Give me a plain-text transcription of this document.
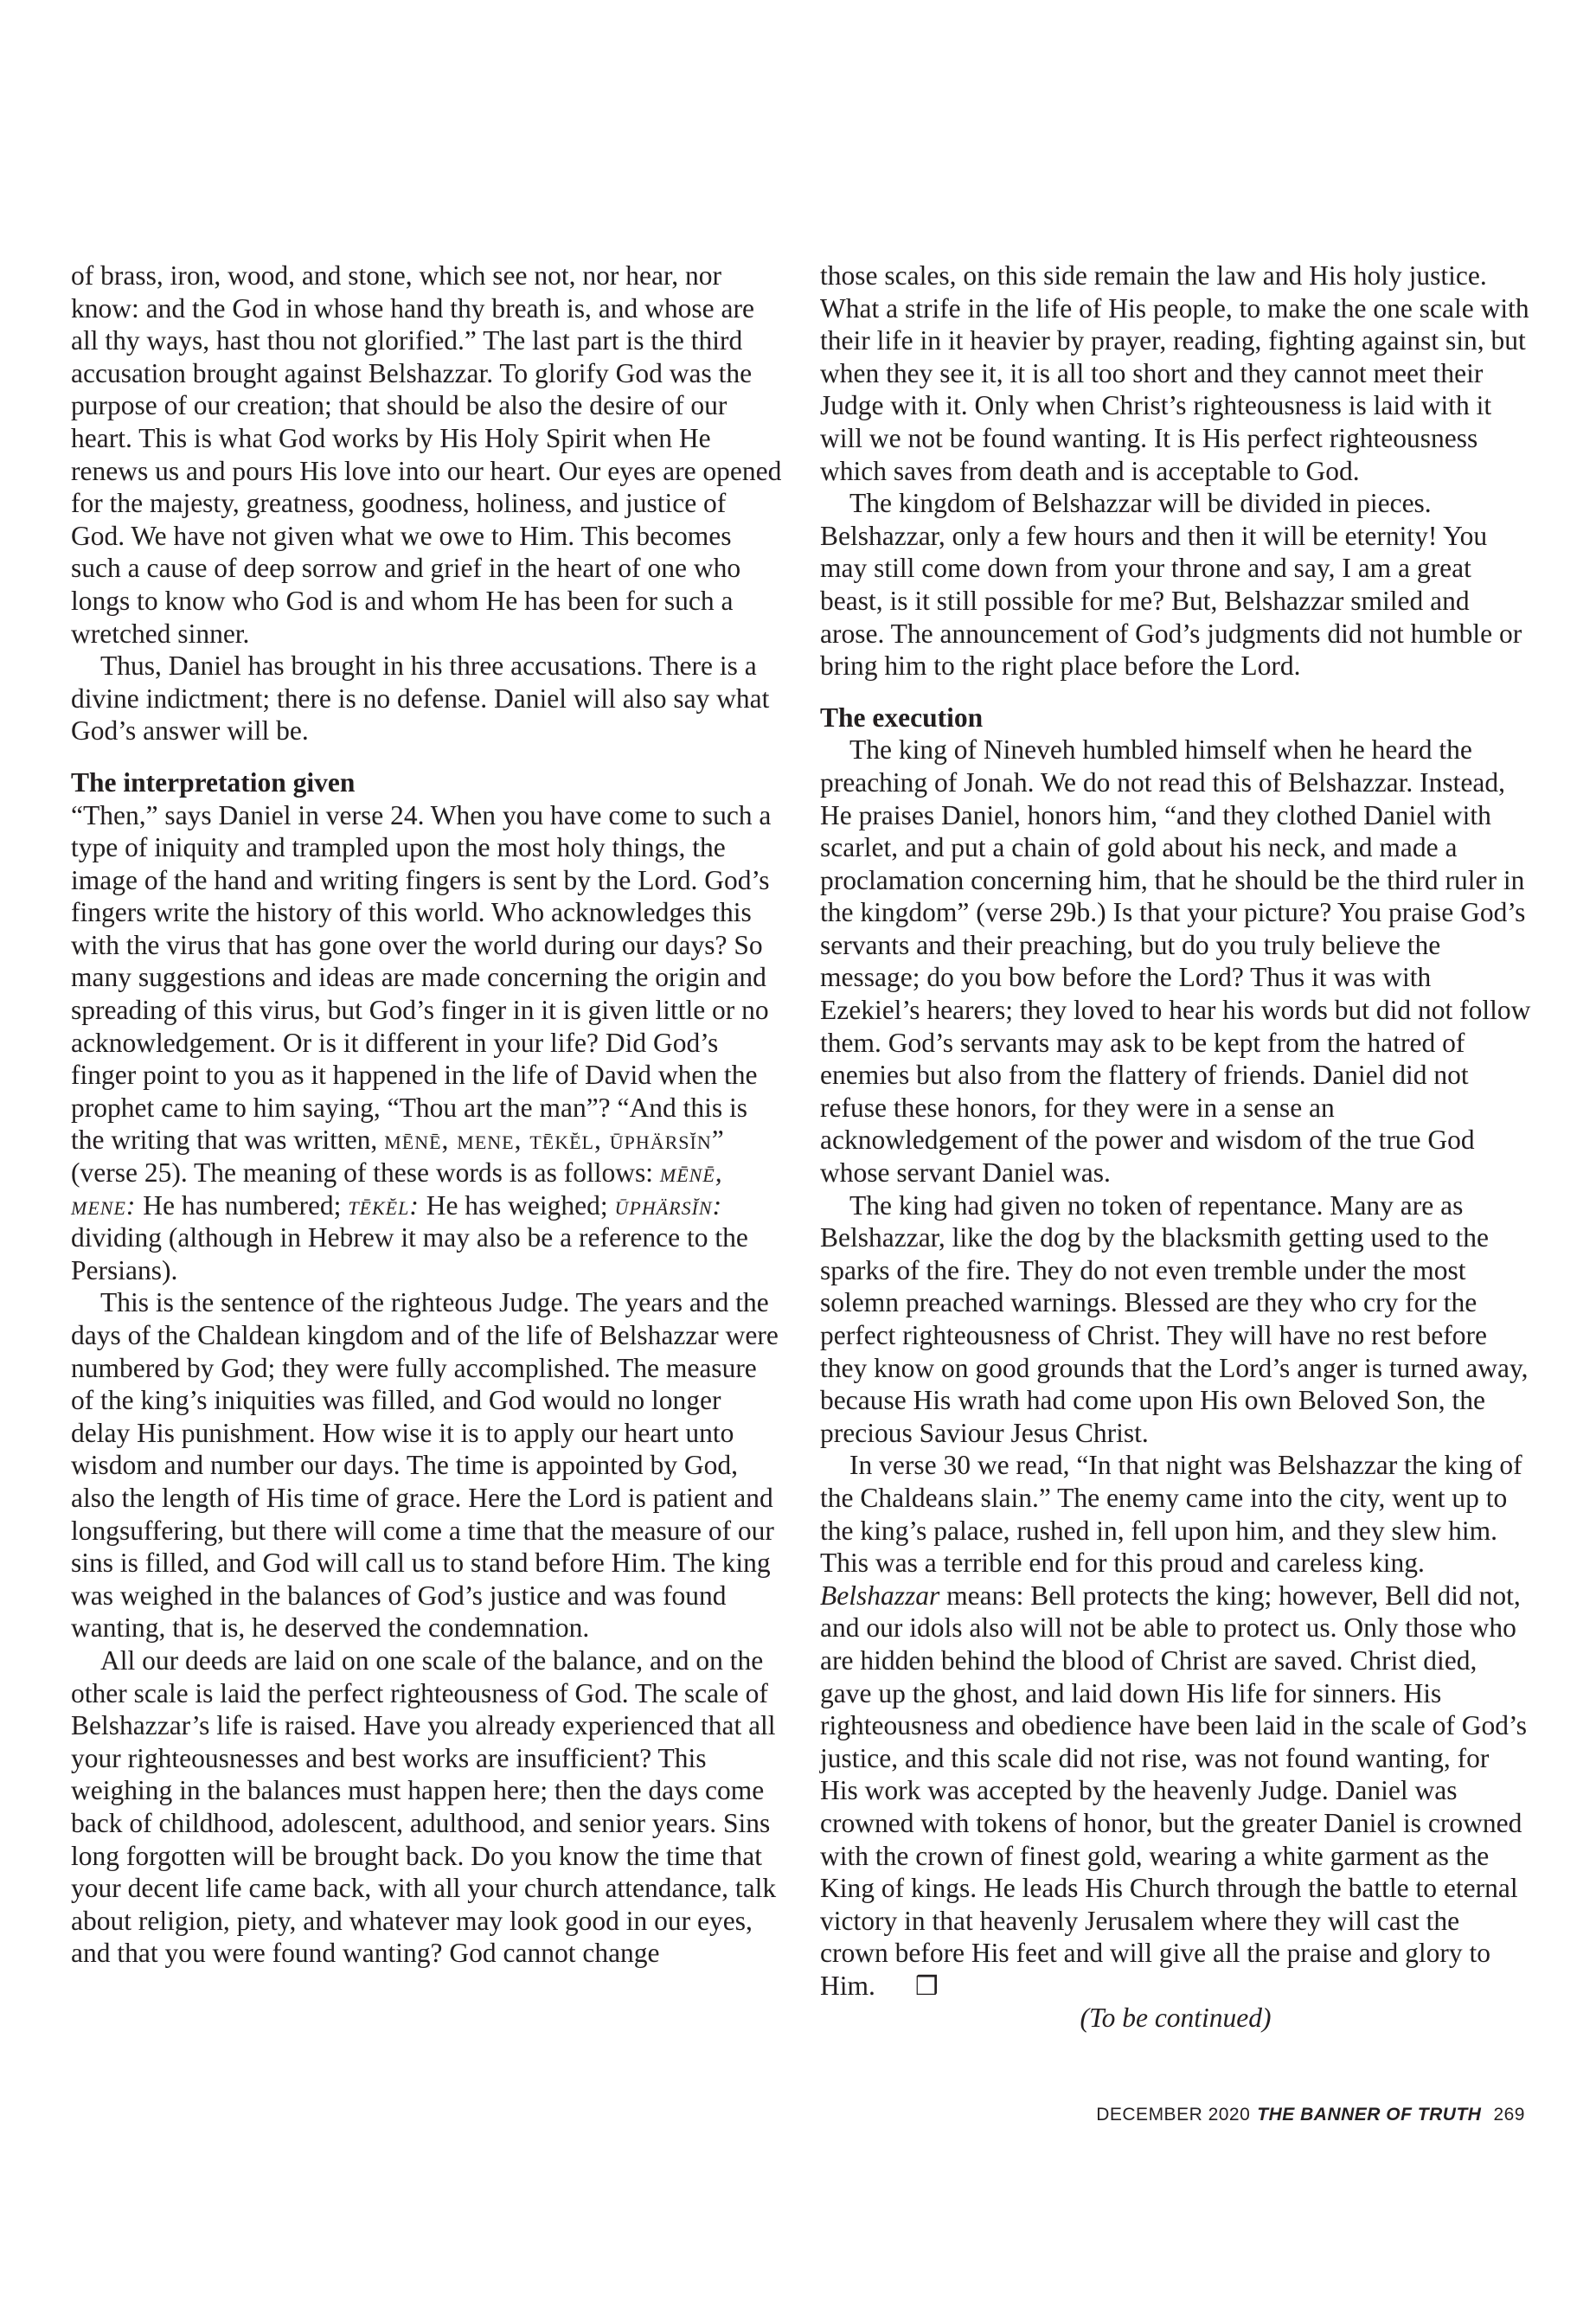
of brass, iron, wood, and stone, which see not, nor hear, nor know: and the God in whose hand thy breath is, and whose are all thy ways, hast thou not glorified.” The last part is the third accusation brought against Belshazzar. To glorify God was the purpose of our creation; that should be also the desire of our heart. This is what God works by His Holy Spirit when He renews us and pours His love into our heart. Our eyes are opened for the majesty, greatness, goodness, holiness, and justice of God. We have not given what we owe to Him. This becomes such a cause of deep sorrow and grief in the heart of one who longs to know who God is and whom He has been for such a wretched sinner.

Thus, Daniel has brought in his three accusations. There is a divine indictment; there is no defense. Daniel will also say what God’s answer will be.

The interpretation given

“Then,” says Daniel in verse 24. When you have come to such a type of iniquity and trampled upon the most holy things, the image of the hand and writing fingers is sent by the Lord. God’s fingers write the history of this world. Who acknowledges this with the virus that has gone over the world during our days? So many suggestions and ideas are made concerning the origin and spreading of this virus, but God’s finger in it is given little or no acknowledgement. Or is it different in your life? Did God’s finger point to you as it happened in the life of David when the prophet came to him saying, “Thou art the man”? “And this is the writing that was written, mēnē, mene, tēkĕl, ūphärsĭn” (verse 25). The meaning of these words is as follows: mēnē, mene: He has numbered; tēkĕl: He has weighed; ūphärsĭn: dividing (although in Hebrew it may also be a reference to the Persians).

This is the sentence of the righteous Judge. The years and the days of the Chaldean kingdom and of the life of Belshazzar were numbered by God; they were fully accomplished. The measure of the king’s iniquities was filled, and God would no longer delay His punishment. How wise it is to apply our heart unto wisdom and number our days. The time is appointed by God, also the length of His time of grace. Here the Lord is patient and longsuffering, but there will come a time that the measure of our sins is filled, and God will call us to stand before Him. The king was weighed in the balances of God’s justice and was found wanting, that is, he deserved the condemnation.

All our deeds are laid on one scale of the balance, and on the other scale is laid the perfect righteousness of God. The scale of Belshazzar’s life is raised. Have you already experienced that all your righteousnesses and best works are insufficient? This weighing in the balances must happen here; then the days come back of childhood, adolescent, adulthood, and senior years. Sins long forgotten will be brought back. Do you know the time that your decent life came back, with all your church attendance, talk about religion, piety, and whatever may look good in our eyes, and that you were found wanting? God cannot change

those scales, on this side remain the law and His holy justice. What a strife in the life of His people, to make the one scale with their life in it heavier by prayer, reading, fighting against sin, but when they see it, it is all too short and they cannot meet their Judge with it. Only when Christ’s righteousness is laid with it will we not be found wanting. It is His perfect righteousness which saves from death and is acceptable to God.

The kingdom of Belshazzar will be divided in pieces. Belshazzar, only a few hours and then it will be eternity! You may still come down from your throne and say, I am a great beast, is it still possible for me? But, Belshazzar smiled and arose. The announcement of God’s judgments did not humble or bring him to the right place before the Lord.

The execution

The king of Nineveh humbled himself when he heard the preaching of Jonah. We do not read this of Belshazzar. Instead, He praises Daniel, honors him, “and they clothed Daniel with scarlet, and put a chain of gold about his neck, and made a proclamation concerning him, that he should be the third ruler in the kingdom” (verse 29b.) Is that your picture? You praise God’s servants and their preaching, but do you truly believe the message; do you bow before the Lord? Thus it was with Ezekiel’s hearers; they loved to hear his words but did not follow them. God’s servants may ask to be kept from the hatred of enemies but also from the flattery of friends. Daniel did not refuse these honors, for they were in a sense an acknowledgement of the power and wisdom of the true God whose servant Daniel was.

The king had given no token of repentance. Many are as Belshazzar, like the dog by the blacksmith getting used to the sparks of the fire. They do not even tremble under the most solemn preached warnings. Blessed are they who cry for the perfect righteousness of Christ. They will have no rest before they know on good grounds that the Lord’s anger is turned away, because His wrath had come upon His own Beloved Son, the precious Saviour Jesus Christ.

In verse 30 we read, “In that night was Belshazzar the king of the Chaldeans slain.” The enemy came into the city, went up to the king’s palace, rushed in, fell upon him, and they slew him. This was a terrible end for this proud and careless king. Belshazzar means: Bell protects the king; however, Bell did not, and our idols also will not be able to protect us. Only those who are hidden behind the blood of Christ are saved. Christ died, gave up the ghost, and laid down His life for sinners. His righteousness and obedience have been laid in the scale of God’s justice, and this scale did not rise, was not found wanting, for His work was accepted by the heavenly Judge. Daniel was crowned with tokens of honor, but the greater Daniel is crowned with the crown of finest gold, wearing a white garment as the King of kings. He leads His Church through the battle to eternal victory in that heavenly Jerusalem where they will cast the crown before His feet and will give all the praise and glory to Him. ❒

(To be continued)

DECEMBER 2020 THE BANNER OF TRUTH 269
